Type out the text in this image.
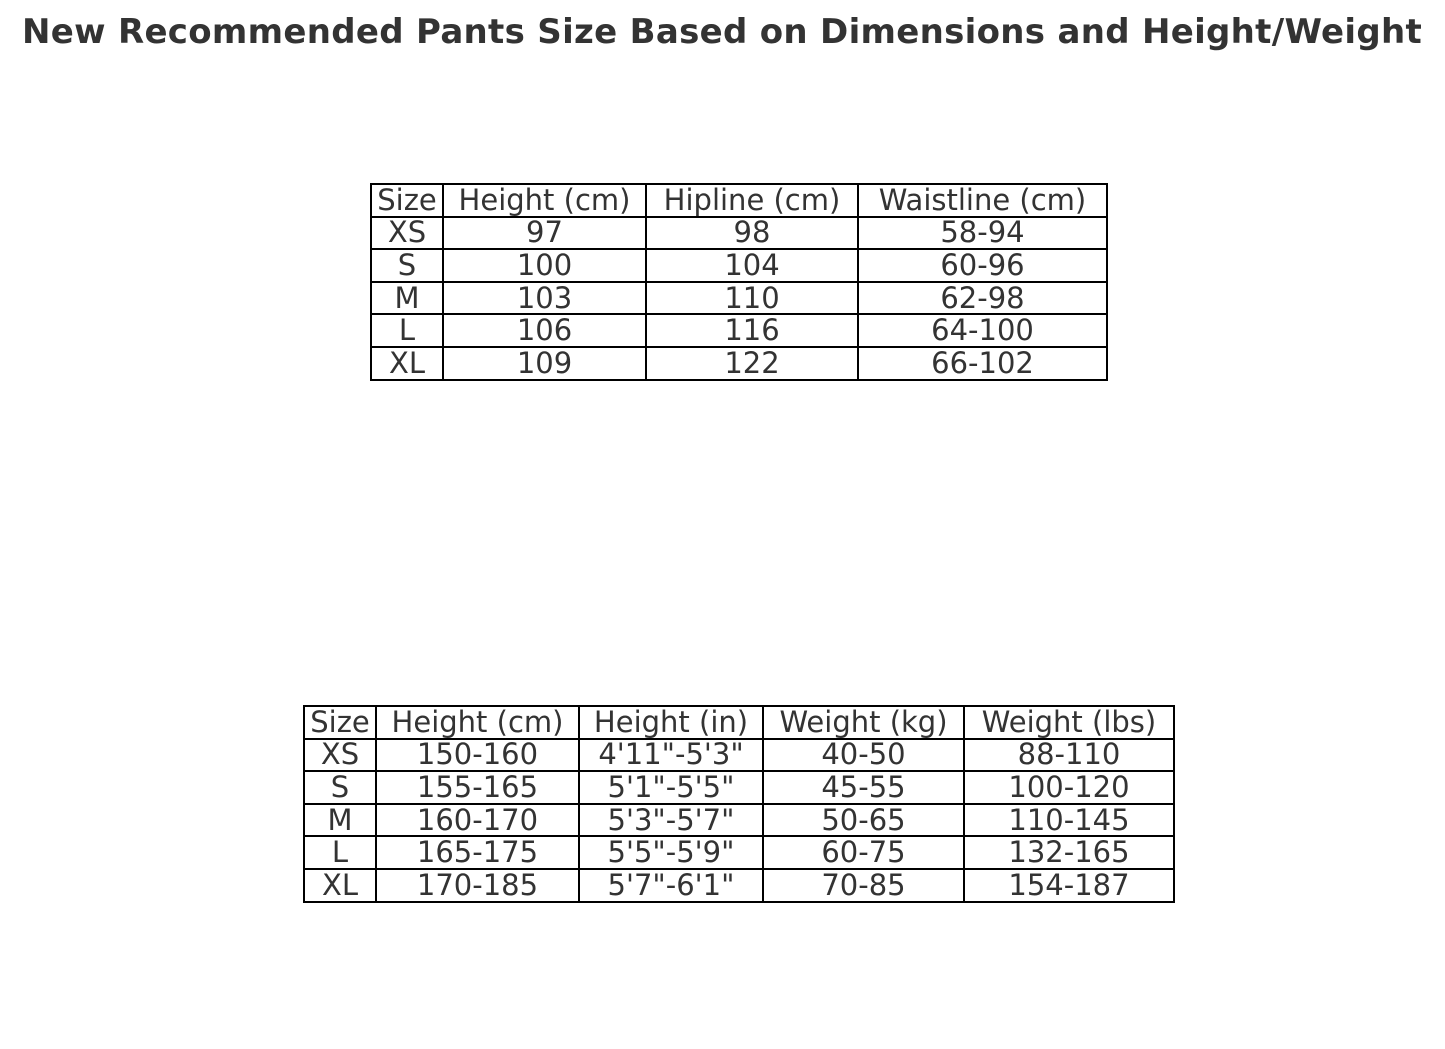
New Recommended Pants Size Based on Dimensions and Height/Weight
Size	Height (cm)	Hipline (cm)	Waistline (cm)
XS	97	98	58-94
S	100	104	60-96
M	103	110	62-98
L	106	116	64-100
XL	109	122	66-102
Size	Height (cm)	Height (in)	Weight (kg)	Weight (lbs)
XS	150-160	4'11"-5'3"	40-50	88-110
S	155-165	5'1"-5'5"	45-55	100-120
M	160-170	5'3"-5'7"	50-65	110-145
L	165-175	5'5"-5'9"	60-75	132-165
XL	170-185	5'7"-6'1"	70-85	154-187
